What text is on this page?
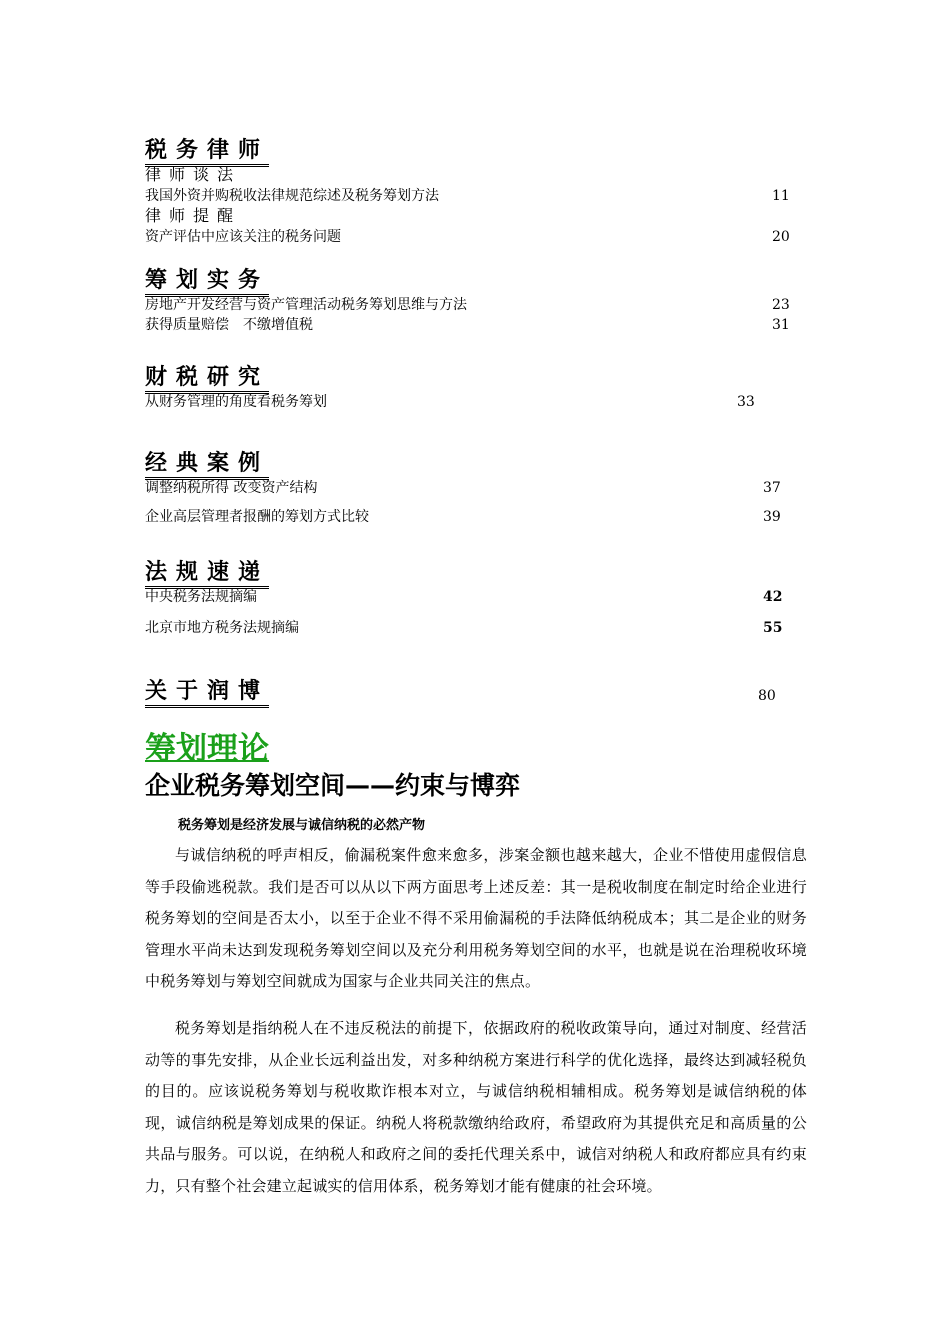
税务律师
律师谈法
我国外资并购税收法律规范综述及税务筹划方法	11
律师提醒
资产评估中应该关注的税务问题	20
筹划实务
房地产开发经营与资产管理活动税务筹划思维与方法	23
获得质量赔偿　不缴增值税	31
财税研究
从财务管理的角度看税务筹划	33
经典案例
调整纳税所得 改变资产结构	37
企业高层管理者报酬的筹划方式比较	39
法规速递
中央税务法规摘编	42
北京市地方税务法规摘编	55
关于润博	80
筹划理论
企业税务筹划空间——约束与博弈
税务筹划是经济发展与诚信纳税的必然产物

与诚信纳税的呼声相反，偷漏税案件愈来愈多，涉案金额也越来越大，企业不惜使用虚假信息等手段偷逃税款。我们是否可以从以下两方面思考上述反差：其一是税收制度在制定时给企业进行税务筹划的空间是否太小，以至于企业不得不采用偷漏税的手法降低纳税成本；其二是企业的财务管理水平尚未达到发现税务筹划空间以及充分利用税务筹划空间的水平，也就是说在治理税收环境中税务筹划与筹划空间就成为国家与企业共同关注的焦点。

税务筹划是指纳税人在不违反税法的前提下，依据政府的税收政策导向，通过对制度、经营活动等的事先安排，从企业长远利益出发，对多种纳税方案进行科学的优化选择，最终达到减轻税负的目的。应该说税务筹划与税收欺诈根本对立，与诚信纳税相辅相成。税务筹划是诚信纳税的体现，诚信纳税是筹划成果的保证。纳税人将税款缴纳给政府，希望政府为其提供充足和高质量的公共品与服务。可以说，在纳税人和政府之间的委托代理关系中，诚信对纳税人和政府都应具有约束力，只有整个社会建立起诚实的信用体系，税务筹划才能有健康的社会环境。
